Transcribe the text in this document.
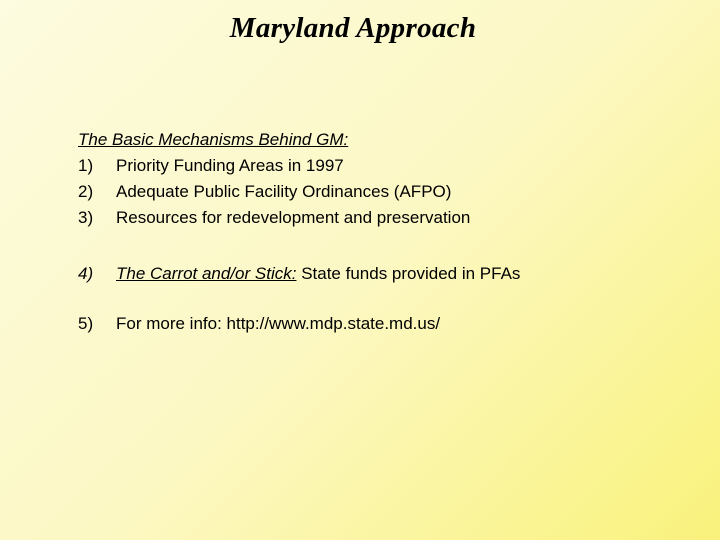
Maryland Approach
The Basic Mechanisms Behind GM:
1)	Priority Funding Areas in 1997
2)	Adequate Public Facility Ordinances (AFPO)
3)	Resources for redevelopment and preservation
4)	The Carrot and/or Stick: State funds provided in PFAs
5)	For more info: http://www.mdp.state.md.us/
